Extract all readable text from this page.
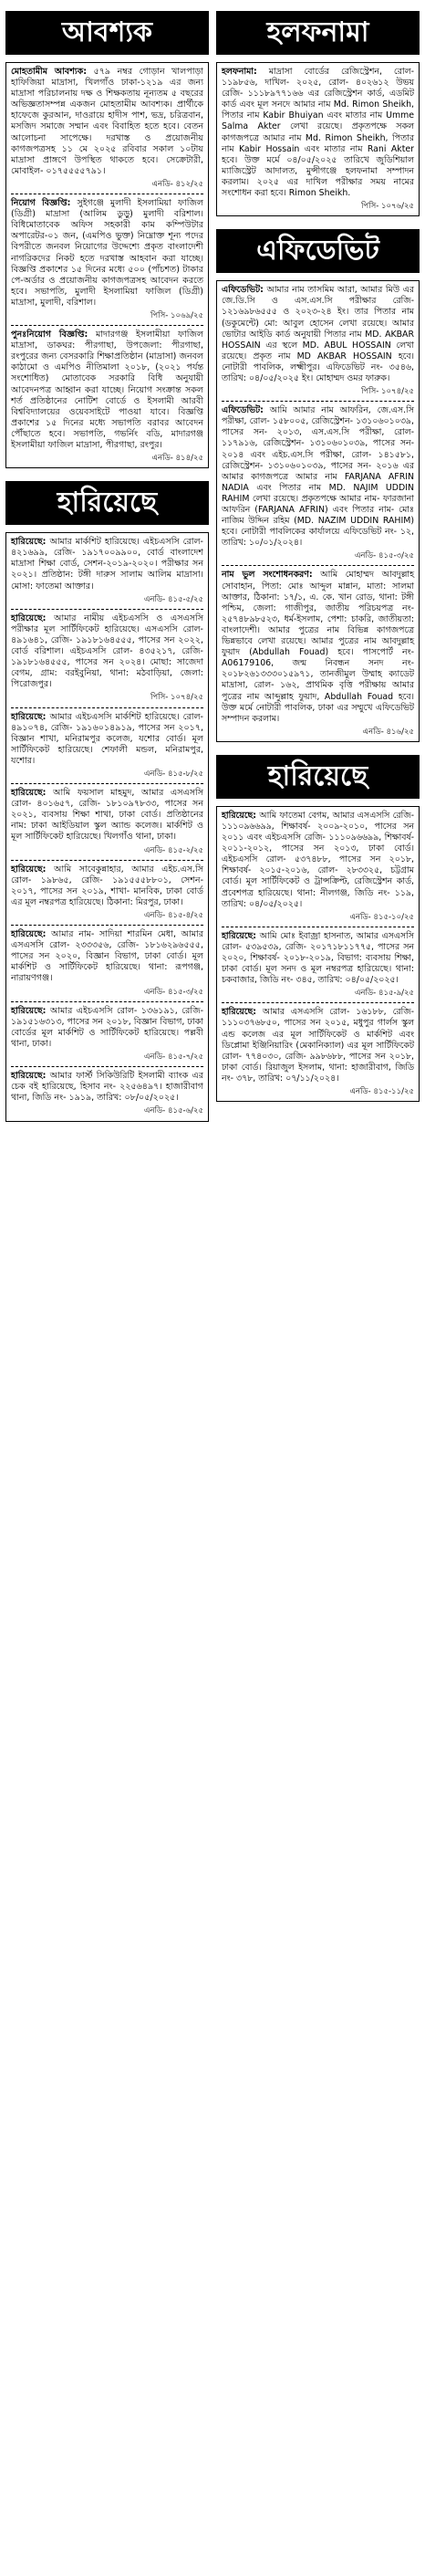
আবশ্যক

মোহতামীম আবশ্যক: ৫৭৯ নম্বর গোড়ান খালপাড়া হাফিজিয়া মাদ্রাসা, খিলগাঁও ঢাকা-১২১৯ এর জন্য মাদ্রাসা পরিচালনায় দক্ষ ও শিক্ষকতায় নূন্যতম ৫ বছরের অভিজ্ঞতাসম্পন্ন একজন মোহতামীম আবশ্যক। প্রার্থীকে হাফেজে কুরআন, দাওরায়ে হাদীস পাশ, ভদ্র, চরিত্রবান, মসজিদ সমাজে সম্মান এবং বিবাহিত হতে হবে। বেতন আলোচনা সাপেক্ষে। দরখাস্ত ও প্রয়োজনীয় কাগজপত্রসহ ১১ মে ২০২৫ রবিবার সকাল ১০টায় মাদ্রাসা প্রাঙ্গণে উপস্থিত থাকতে হবে। সেক্রেটারী, মোবাইল- ০১৭৫৫৫৫৭৯১।

এনডি- ৪১২/২৫

নিয়োগ বিজ্ঞপ্তি: সুইগঞ্জে মুলাদী ইসলামিয়া ফাজিল (ডিগ্রী) মাদ্রাসা (আলিম ডুড়ু) মুলাদী বরিশাল। বিধিমোতাবেক অফিস সহকারী কাম কম্পিউটার অপারেটর-০১ জন, (এমপিও ভুক্ত) নিম্নোক্ত শূন্য পদের বিপরীতে জনবল নিয়োগের উদ্দেশ্যে প্রকৃত বাংলাদেশী নাগরিকদের নিকট হতে দরখাস্ত আহবান করা যাচ্ছে। বিজ্ঞপ্তি প্রকাশের ১৫ দিনের মধ্যে ৫০০ (পাঁচশত) টাকার পে-অর্ডার ও প্রয়োজনীয় কাগজপত্রসহ আবেদন করতে হবে। সভাপতি, মুলাদী ইসলামিয়া ফাজিল (ডিগ্রী) মাদ্রাসা, মুলাদী, বরিশাল।

পিসি- ১০৬৯/২৫

পুনঃনিয়োগ বিজ্ঞপ্তি: মাদারগঞ্জ ইসলামীয়া ফাজিল মাদ্রাসা, ডাকঘর: পীরগাছা, উপজেলা: পীরগাছা, রংপুরের জন্য বেসরকারি শিক্ষাপ্রতিষ্ঠান (মাদ্রাসা) জনবল কাঠামো ও এমপিও নীতিমালা ২০১৮, (২০২১ পর্যন্ত সংশোধিত) মোতাবেক সরকারি বিধি অনুযায়ী আবেদনপত্র আহ্বান করা যাচ্ছে। নিয়োগ সংক্রান্ত সকল শর্ত প্রতিষ্ঠানের নোটিশ বোর্ডে ও ইসলামী আরবী বিশ্ববিদ্যালয়ের ওয়েবসাইটে পাওয়া যাবে। বিজ্ঞপ্তি প্রকাশের ১৫ দিনের মধ্যে সভাপতি বরাবর আবেদন পৌঁছাতে হবে। সভাপতি, গভর্নিং বডি, মাদারগঞ্জ ইসলামীয়া ফাজিল মাদ্রাসা, পীরগাছা, রংপুর।

এনডি- ৪১৪/২৫
হারিয়েছে

হারিয়েছে: আমার মার্কশিট হারিয়েছে। এইচএসসি রোল- ৪২১৬৯৯, রেজি- ১৯১৭০০৯৯০০, বোর্ড বাংলাদেশ মাদ্রাসা শিক্ষা বোর্ড, সেশন-২০১৯-২০২০। পরীক্ষার সন ২০২১। প্রতিষ্ঠান: টঙ্গী দারুস সালাম আলিম মাদ্রাসা। মোসা: ফাতেমা আক্তার।

এনডি- ৪১৫-৫/২৫

হারিয়েছে: আমার নামীয় এইচএসসি ও এসএসসি পরীক্ষার মূল সার্টিফিকেট হারিয়েছে। এসএসসি রোল- ৪৯১৬৪১, রেজি- ১৯১৮১৬৪৫৫৫, পাসের সন ২০২২, বোর্ড বরিশাল। এইচএসসি রোল- ৪৩৫২১৭, রেজি- ১৯১৮১৬৪৫৫৫, পাসের সন ২০২৪। মোছা: সাজেদা বেগম, গ্রাম: বরইবুনিয়া, থানা: মঠবাড়িয়া, জেলা: পিরোজপুর।

পিসি- ১০৭৪/২৫

হারিয়েছে: আমার এইচএসসি মার্কশিট হারিয়েছে। রোল- ৪৯১০৭৪, রেজি- ১৯১৬০১৪৯১৯, পাসের সন ২০১৭, বিজ্ঞান শাখা, মনিরামপুর কলেজ, যশোর বোর্ড। মূল সার্টিফিকেট হারিয়েছে। শেফালী মন্ডল, মনিরামপুর, যশোর।

এনডি- ৪১৫-৮/২৫

হারিয়েছে: আমি ফয়সাল মাহমুদ, আমার এসএসসি রোল- ৪০১৬৫৭, রেজি- ১৮১০৯৭৮৩৩, পাসের সন ২০২১, ব্যবসায় শিক্ষা শাখা, ঢাকা বোর্ড। প্রতিষ্ঠানের নাম: ঢাকা আইডিয়াল স্কুল অ্যান্ড কলেজ। মার্কশিট ও মূল সার্টিফিকেট হারিয়েছে। খিলগাঁও থানা, ঢাকা।

এনডি- ৪১৫-২/২৫

হারিয়েছে: আমি সাবেকুন্নাহার, আমার এইচ.এস.সি রোল- ১৯৮৬৫, রেজি- ১৯১৫৫৫৮৮০১, সেশন- ২০১৭, পাসের সন ২০১৯, শাখা- মানবিক, ঢাকা বোর্ড এর মূল নম্বরপত্র হারিয়েছে। ঠিকানা: মিরপুর, ঢাকা।

এনডি- ৪১৫-৪/২৫

হারিয়েছে: আমার নাম- সাদিয়া শারমিন মেধা, আমার এসএসসি রোল- ২৩৩৩৫৬, রেজি- ১৮১৬২৯৬৫৫৫, পাসের সন ২০২০, বিজ্ঞান বিভাগ, ঢাকা বোর্ড। মূল মার্কশিট ও সার্টিফিকেট হারিয়েছে। থানা: রূপগঞ্জ, নারায়ণগঞ্জ।

এনডি- ৪১৫-৩/২৫

হারিয়েছে: আমার এইচএসসি রোল- ১৩৬১৯১, রেজি- ১৯১৫১৬৩১৩, পাসের সন ২০১৮, বিজ্ঞান বিভাগ, ঢাকা বোর্ডের মূল মার্কশিট ও সার্টিফিকেট হারিয়েছে। পল্লবী থানা, ঢাকা।

এনডি- ৪১৫-৭/২৫

হারিয়েছে: আমার ফার্স্ট সিকিউরিটি ইসলামী ব্যাংক এর চেক বই হারিয়েছে, হিসাব নং- ২২৫৬৪৯৭। হাজারীবাগ থানা, জিডি নং- ১৯১৯, তারিখ: ০৮/০৫/২০২৫।

এনডি- ৪১৫-৬/২৫
হলফনামা

হলফনামা: মাদ্রাসা বোর্ডের রেজিস্ট্রেশন, রোল- ১১৯৮৫৬, দাখিল- ২০২৫, রোল- ৪০২৬১২ উভয় রেজি- ১১১৮৯৭৭১৬৬ এর রেজিস্ট্রেশন কার্ড, এডমিট কার্ড এবং মূল সনদে আমার নাম Md. Rimon Sheikh, পিতার নাম Kabir Bhuiyan এবং মাতার নাম Umme Salma Akter লেখা রয়েছে। প্রকৃতপক্ষে সকল কাগজপত্রে আমার নাম Md. Rimon Sheikh, পিতার নাম Kabir Hossain এবং মাতার নাম Rani Akter হবে। উক্ত মর্মে ০৪/০৫/২০২৫ তারিখে জুডিশিয়াল ম্যাজিস্ট্রেট আদালত, মুন্সীগঞ্জে হলফনামা সম্পাদন করলাম। ২০২৫ এর দাখিল পরীক্ষার সময় নামের সংশোধন করা হবে। Rimon Sheikh.

পিসি- ১০৭৬/২৫
এফিডেভিট

এফিডেভিট: আমার নাম তাসমিম আরা, আমার মিউ এর জে.ডি.সি ও এস.এস.সি পরীক্ষার রেজি- ১২১৬৯৮৬৫৫৫ ও ২০২৩-২৪ ইং। তার পিতার নাম (ডকুমেন্টে) মো: আবুল হোসেন লেখা রয়েছে। আমার ভোটার আইডি কার্ড অনুযায়ী পিতার নাম MD. AKBAR HOSSAIN এর স্থলে MD. ABUL HOSSAIN লেখা রয়েছে। প্রকৃত নাম MD AKBAR HOSSAIN হবে। নোটারী পাবলিক, লক্ষ্মীপুর। এফিডেভিট নং- ৩৫৪৬, তারিখ: ০৪/০৫/২০২৫ ইং। মোহাম্মদ ওমর ফারুক।

পিসি- ১০৭৪/২৫

এফিডেভিট: আমি আমার নাম আফরিন, জে.এস.সি পরীক্ষা, রোল- ১৫৮০০৫, রেজিস্ট্রেশন- ১৩১০৬০১০৩৯, পাসের সন- ২০১৩, এস.এস.সি পরীক্ষা, রোল- ১১৭৯১৬, রেজিস্ট্রেশন- ১৩১০৬০১০৩৯, পাসের সন- ২০১৪ এবং এইচ.এস.সি পরীক্ষা, রোল- ১৪১৫৮১, রেজিস্ট্রেশন- ১৩১০৬০১০৩৯, পাসের সন- ২০১৬ এর আমার কাগজপত্রে আমার নাম FARJANA AFRIN NADIA এবং পিতার নাম MD. NAJIM UDDIN RAHIM লেখা রয়েছে। প্রকৃতপক্ষে আমার নাম- ফারজানা আফরিন (FARJANA AFRIN) এবং পিতার নাম- মোঃ নাজিম উদ্দিন রহিম (MD. NAZIM UDDIN RAHIM) হবে। নোটারী পাবলিকের কার্যালয়ে এফিডেভিট নং- ১২, তারিখ: ১০/০১/২০২৪।

এনডি- ৪১৫-৩/২৫

নাম ভুল সংশোধনকরণ: আমি মোহাম্মদ আবদুল্লাহ সোবাহান, পিতা: মোঃ আব্দুল মান্নান, মাতা: সালমা আক্তার, ঠিকানা: ১৭/১, এ. কে. খান রোড, থানা: টঙ্গী পশ্চিম, জেলা: গাজীপুর, জাতীয় পরিচয়পত্র নং- ২৫৭৪৮৯৮৫২৩, ধর্ম-ইসলাম, পেশা: চাকরি, জাতীয়তা: বাংলাদেশী। আমার পুত্রের নাম বিভিন্ন কাগজপত্রে ভিন্নভাবে লেখা রয়েছে। আমার পুত্রের নাম আবদুল্লাহ ফুয়াদ (Abdullah Fouad) হবে। পাসপোর্ট নং- A06179106, জন্ম নিবন্ধন সনদ নং- ২০১৮২৬১৩৩৩০১৫৯৭১, তানজীমুল উম্মাহ ক্যাডেট মাদ্রাসা, রোল- ১৬২, প্রাথমিক বৃত্তি পরীক্ষায় আমার পুত্রের নাম আব্দুল্লাহ ফুয়াদ, Abdullah Fouad হবে। উক্ত মর্মে নোটারী পাবলিক, ঢাকা এর সম্মুখে এফিডেভিট সম্পাদন করলাম।

এনডি- ৪১৬/২৫
হারিয়েছে

হারিয়েছে: আমি ফাতেমা বেগম, আমার এসএসসি রেজি- ১১১০৯৬৬৯৯, শিক্ষাবর্ষ- ২০০৯-২০১০, পাসের সন ২০১১ এবং এইচএসসি রেজি- ১১১০৯৬৬৯৯, শিক্ষাবর্ষ- ২০১১-২০১২, পাসের সন ২০১৩, ঢাকা বোর্ড। এইচএসসি রোল- ৫৩৭৪৮৮, পাসের সন ২০১৮, শিক্ষাবর্ষ- ২০১৫-২০১৬, রোল- ২৮৩৩২৫, চট্টগ্রাম বোর্ড। মূল সার্টিফিকেট ও ট্রান্সক্রিপ্ট, রেজিস্ট্রেশন কার্ড, প্রবেশপত্র হারিয়েছে। থানা: নীলগঞ্জ, জিডি নং- ১১৯, তারিখ: ০৪/০৫/২০২৫।

এনডি- ৪১৫-১০/২৫

হারিয়েছে: আমি মোঃ ইবাজ্রা হাসনাত, আমার এসএসসি রোল- ৫৩৯৫৩৯, রেজি- ২০১৭১৮১১৭৭৫, পাসের সন ২০২০, শিক্ষাবর্ষ- ২০১৮-২০১৯, বিভাগ: ব্যবসায় শিক্ষা, ঢাকা বোর্ড। মূল সনদ ও মূল নম্বরপত্র হারিয়েছে। থানা: চকবাজার, জিডি নং- ৩৪৫, তারিখ: ০৪/০৫/২০২৫।

এনডি- ৪১৫-৯/২৫

হারিয়েছে: আমার এসএসসি রোল- ১৬১৮৮, রেজি- ১১১০৩৭৬৮৫০, পাসের সন ২০১৫, মধুপুর গার্লস স্কুল এন্ড কলেজ এর মূল সার্টিফিকেট ও মার্কশিট এবং ডিপ্লোমা ইঞ্জিনিয়ারিং (মেকানিক্যাল) এর মূল সার্টিফিকেট রোল- ৭৭৪০৩০, রেজি- ৯৯৮৬৮৮, পাসের সন ২০১৮, ঢাকা বোর্ড। রিয়াজুল ইসলাম, থানা: হাজারীবাগ, জিডি নং- ৩৭৮, তারিখ: ০৭/১১/২০২৪।

এনডি- ৪১৫-১১/২৫
